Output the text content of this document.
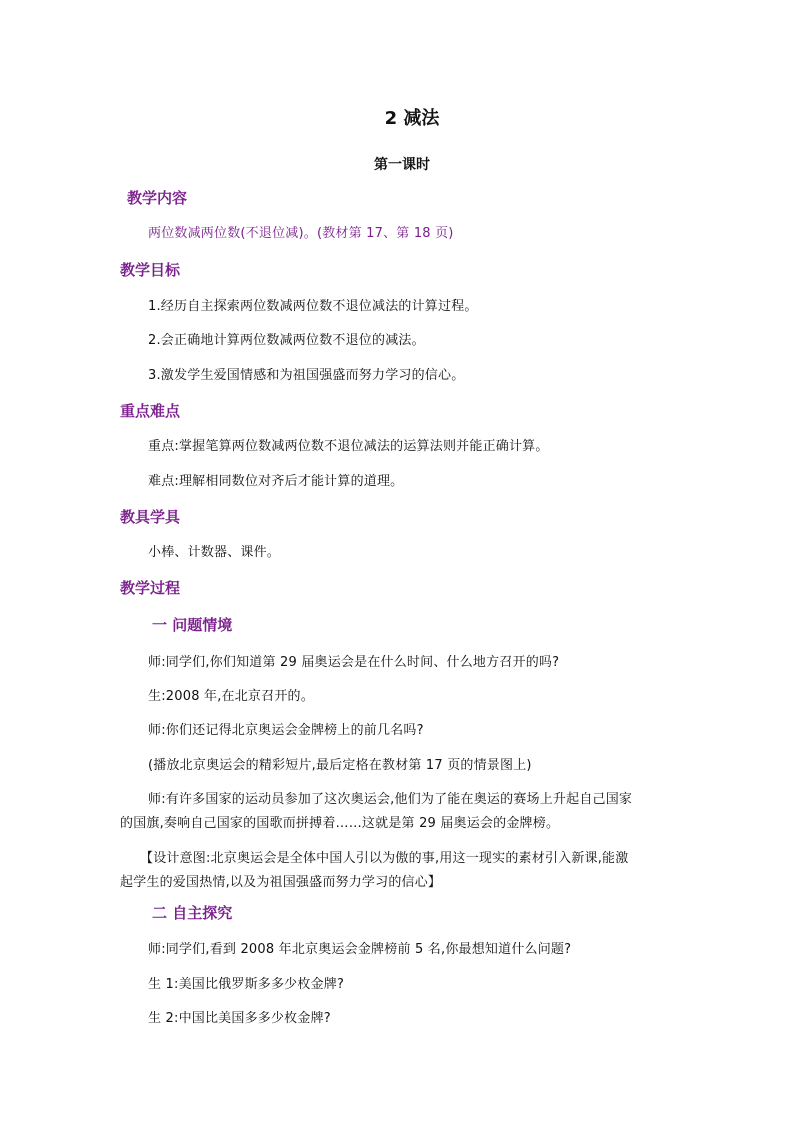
2 减法
第一课时
教学内容
两位数减两位数(不退位减)。(教材第 17、第 18 页)
教学目标
1.经历自主探索两位数减两位数不退位减法的计算过程。
2.会正确地计算两位数减两位数不退位的减法。
3.激发学生爱国情感和为祖国强盛而努力学习的信心。
重点难点
重点:掌握笔算两位数减两位数不退位减法的运算法则并能正确计算。
难点:理解相同数位对齐后才能计算的道理。
教具学具
小棒、计数器、课件。
教学过程
一 问题情境
师:同学们,你们知道第 29 届奥运会是在什么时间、什么地方召开的吗?
生:2008 年,在北京召开的。
师:你们还记得北京奥运会金牌榜上的前几名吗?
(播放北京奥运会的精彩短片,最后定格在教材第 17 页的情景图上)
师:有许多国家的运动员参加了这次奥运会,他们为了能在奥运的赛场上升起自己国家
的国旗,奏响自己国家的国歌而拼搏着……这就是第 29 届奥运会的金牌榜。
【设计意图:北京奥运会是全体中国人引以为傲的事,用这一现实的素材引入新课,能激
起学生的爱国热情,以及为祖国强盛而努力学习的信心】
二 自主探究
师:同学们,看到 2008 年北京奥运会金牌榜前 5 名,你最想知道什么问题?
生 1:美国比俄罗斯多多少枚金牌?
生 2:中国比美国多多少枚金牌?
